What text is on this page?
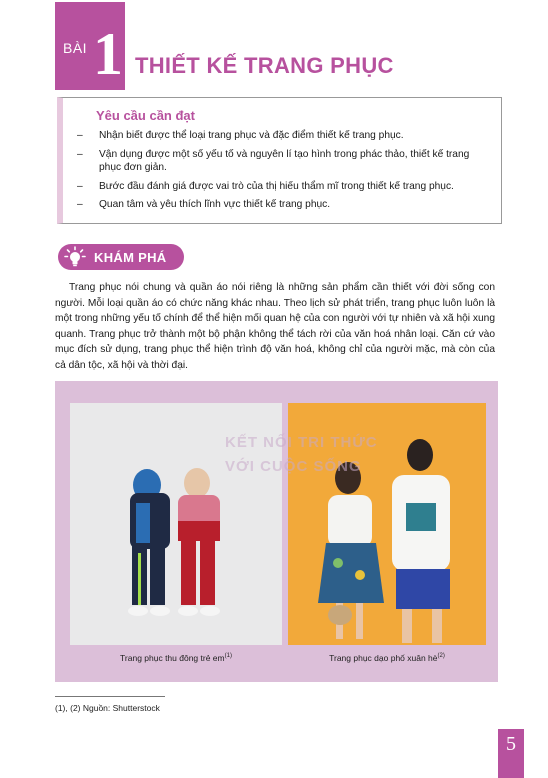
BÀI 1 THIẾT KẾ TRANG PHỤC
Yêu cầu cần đạt
–	Nhận biết được thể loại trang phục và đặc điểm thiết kế trang phục.
–	Vận dụng được một số yếu tố và nguyên lí tạo hình trong phác thảo, thiết kế trang phục đơn giản.
–	Bước đầu đánh giá được vai trò của thị hiếu thẩm mĩ trong thiết kế trang phục.
–	Quan tâm và yêu thích lĩnh vực thiết kế trang phục.
KHÁM PHÁ

Trang phục nói chung và quần áo nói riêng là những sản phẩm cần thiết với đời sống con người. Mỗi loại quần áo có chức năng khác nhau. Theo lịch sử phát triển, trang phục luôn luôn là một trong những yếu tố chính để thể hiện mối quan hệ của con người với tự nhiên và xã hội xung quanh. Trang phục trở thành một bộ phận không thể tách rời của văn hoá nhân loại. Căn cứ vào mục đích sử dụng, trang phục thể hiện trình độ văn hoá, không chỉ của người mặc, mà còn của cả dân tộc, xã hội và thời đại.

KẾT NỐI TRI THỨC
VỚI CUỘC SỐNG
Trang phục thu đông trẻ $em^{(1)}$	Trang phục dạo phố xuân $hè^{(2)}$
(1), (2) Nguồn: Shutterstock
5
